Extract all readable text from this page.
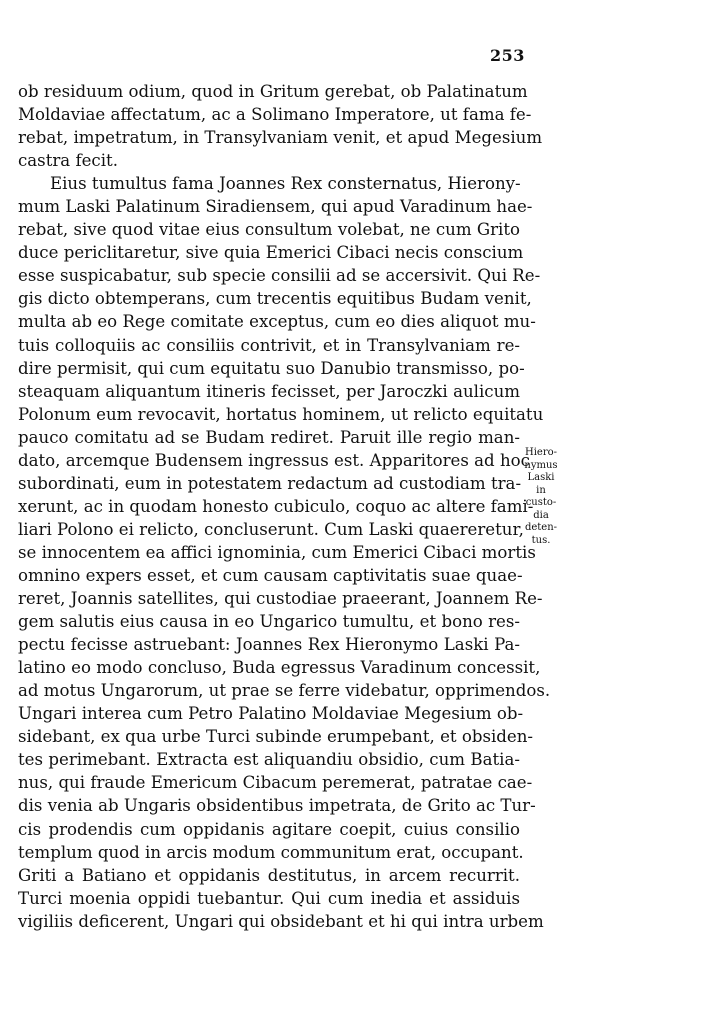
253
ob residuum odium, quod in Gritum gerebat, ob Palatinatum
Moldaviae affectatum, ac a Solimano Imperatore, ut fama fe-
rebat, impetratum, in Transylvaniam venit, et apud Megesium
castra fecit.
Eius tumultus fama Joannes Rex consternatus, Hierony-
mum Laski Palatinum Siradiensem, qui apud Varadinum hae-
rebat, sive quod vitae eius consultum volebat, ne cum Grito
duce periclitaretur, sive quia Emerici Cibaci necis conscium
esse suspicabatur, sub specie consilii ad se accersivit. Qui Re-
gis dicto obtemperans, cum trecentis equitibus Budam venit,
multa ab eo Rege comitate exceptus, cum eo dies aliquot mu-
tuis colloquiis ac consiliis contrivit, et in Transylvaniam re-
dire permisit, qui cum equitatu suo Danubio transmisso, po-
steaquam aliquantum itineris fecisset, per Jaroczki aulicum
Polonum eum revocavit, hortatus hominem, ut relicto equitatu
pauco comitatu ad se Budam rediret. Paruit ille regio man-
dato, arcemque Budensem ingressus est. Apparitores ad hoc
subordinati, eum in potestatem redactum ad custodiam tra-
xerunt, ac in quodam honesto cubiculo, coquo ac altere fami-
liari Polono ei relicto, concluserunt. Cum Laski quaereretur,
se innocentem ea affici ignominia, cum Emerici Cibaci mortis
omnino expers esset, et cum causam captivitatis suae quae-
reret, Joannis satellites, qui custodiae praeerant, Joannem Re-
gem salutis eius causa in eo Ungarico tumultu, et bono res-
pectu fecisse astruebant: Joannes Rex Hieronymo Laski Pa-
latino eo modo concluso, Buda egressus Varadinum concessit,
ad motus Ungarorum, ut prae se ferre videbatur, opprimendos.
Ungari interea cum Petro Palatino Moldaviae Megesium ob-
sidebant, ex qua urbe Turci subinde erumpebant, et obsiden-
tes perimebant. Extracta est aliquandiu obsidio, cum Batia-
nus, qui fraude Emericum Cibacum peremerat, patratae cae-
dis venia ab Ungaris obsidentibus impetrata, de Grito ac Tur-
cis prodendis cum oppidanis agitare coepit, cuius consilio
templum quod in arcis modum communitum erat, occupant.
Griti a Batiano et oppidanis destitutus, in arcem recurrit.
Turci moenia oppidi tuebantur. Qui cum inedia et assiduis
vigiliis deficerent, Ungari qui obsidebant et hi qui intra urbem
Hiero-
nymus
Laski
in
custo-
dia
deten-
tus.
